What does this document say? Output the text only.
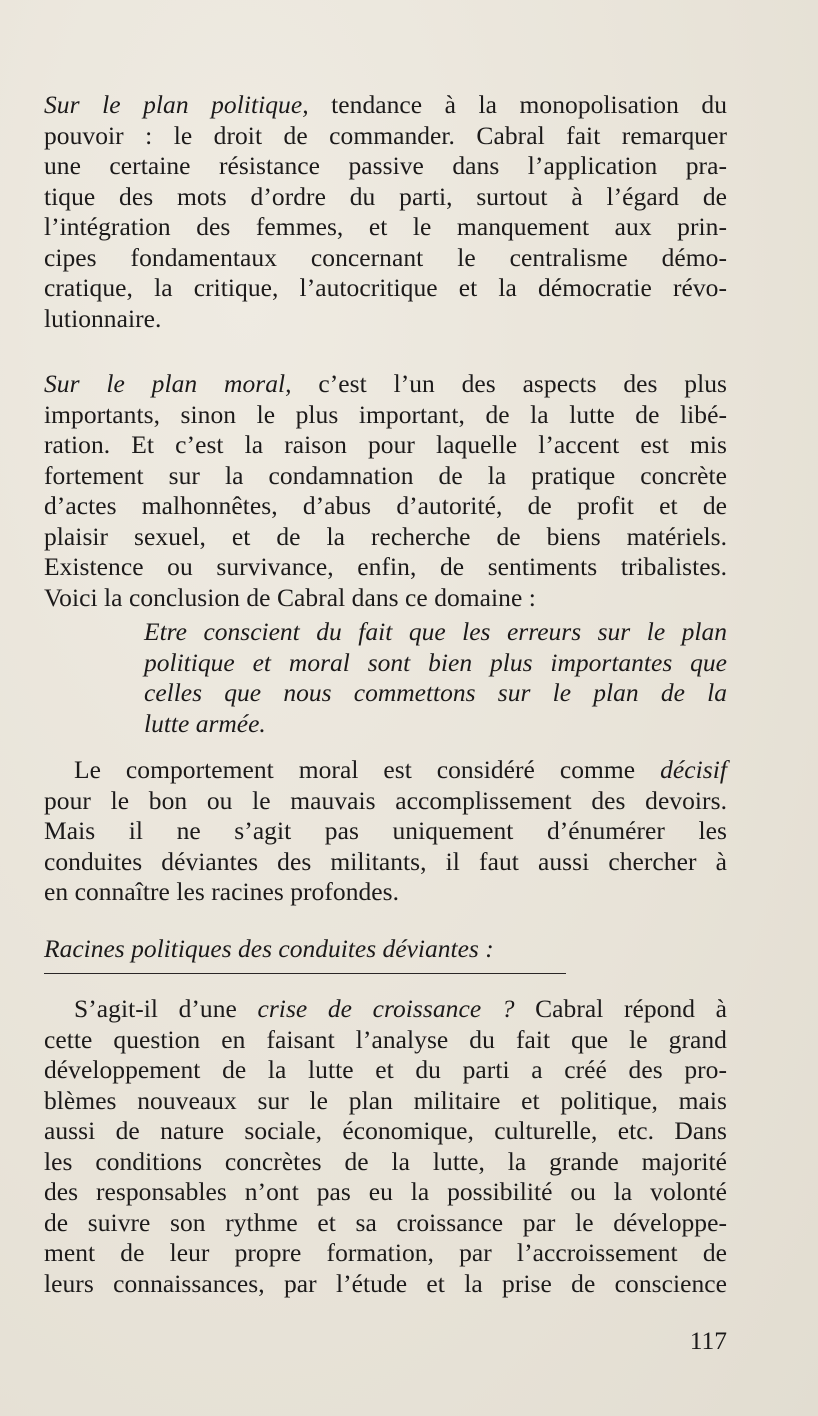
Sur le plan politique, tendance à la monopolisation du
pouvoir : le droit de commander. Cabral fait remarquer
une certaine résistance passive dans l’application pra-
tique des mots d’ordre du parti, surtout à l’égard de
l’intégration des femmes, et le manquement aux prin-
cipes fondamentaux concernant le centralisme démo-
cratique, la critique, l’autocritique et la démocratie révo-
lutionnaire.
Sur le plan moral, c’est l’un des aspects des plus
importants, sinon le plus important, de la lutte de libé-
ration. Et c’est la raison pour laquelle l’accent est mis
fortement sur la condamnation de la pratique concrète
d’actes malhonnêtes, d’abus d’autorité, de profit et de
plaisir sexuel, et de la recherche de biens matériels.
Existence ou survivance, enfin, de sentiments tribalistes.
Voici la conclusion de Cabral dans ce domaine :
Etre conscient du fait que les erreurs sur le plan
politique et moral sont bien plus importantes que
celles que nous commettons sur le plan de la
lutte armée.
Le comportement moral est considéré comme décisif
pour le bon ou le mauvais accomplissement des devoirs.
Mais il ne s’agit pas uniquement d’énumérer les
conduites déviantes des militants, il faut aussi chercher à
en connaître les racines profondes.

Racines politiques des conduites déviantes :

S’agit-il d’une crise de croissance ? Cabral répond à
cette question en faisant l’analyse du fait que le grand
développement de la lutte et du parti a créé des pro-
blèmes nouveaux sur le plan militaire et politique, mais
aussi de nature sociale, économique, culturelle, etc. Dans
les conditions concrètes de la lutte, la grande majorité
des responsables n’ont pas eu la possibilité ou la volonté
de suivre son rythme et sa croissance par le développe-
ment de leur propre formation, par l’accroissement de
leurs connaissances, par l’étude et la prise de conscience

117
